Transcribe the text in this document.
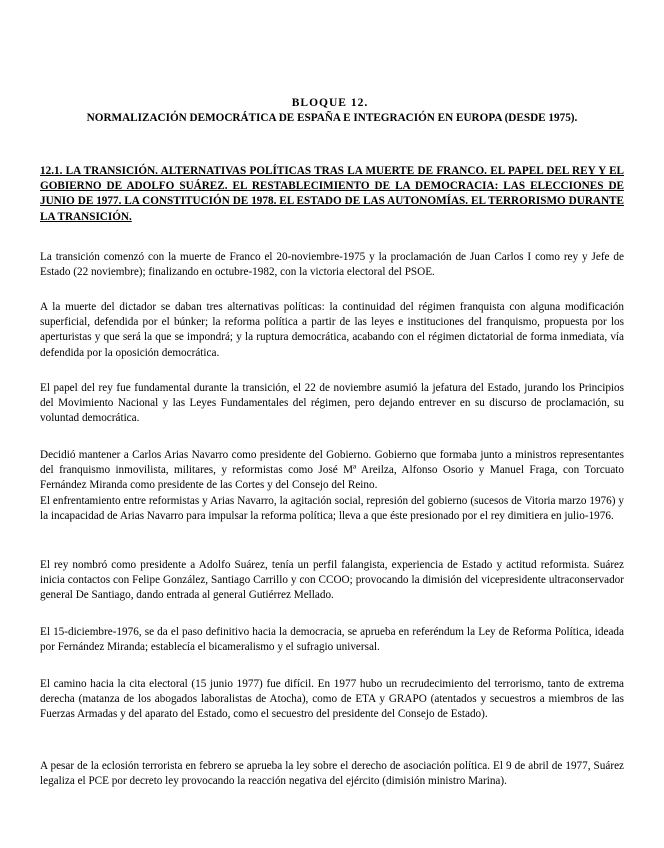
BLOQUE 12.
NORMALIZACIÓN DEMOCRÁTICA DE ESPAÑA E INTEGRACIÓN EN EUROPA (DESDE 1975).
12.1. LA TRANSICIÓN. ALTERNATIVAS POLÍTICAS TRAS LA MUERTE DE FRANCO. EL PAPEL DEL REY Y EL GOBIERNO DE ADOLFO SUÁREZ. EL RESTABLECIMIENTO DE LA DEMOCRACIA: LAS ELECCIONES DE JUNIO DE 1977. LA CONSTITUCIÓN DE 1978. EL ESTADO DE LAS AUTONOMÍAS. EL TERRORISMO DURANTE LA TRANSICIÓN.

La transición comenzó con la muerte de Franco el 20-noviembre-1975 y la proclamación de Juan Carlos I como rey y Jefe de Estado (22 noviembre); finalizando en octubre-1982, con la victoria electoral del PSOE.

A la muerte del dictador se daban tres alternativas políticas: la continuidad del régimen franquista con alguna modificación superficial, defendida por el búnker; la reforma política a partir de las leyes e instituciones del franquismo, propuesta por los aperturistas y que será la que se impondrá; y la ruptura democrática, acabando con el régimen dictatorial de forma inmediata, vía defendida por la oposición democrática.

El papel del rey fue fundamental durante la transición, el 22 de noviembre asumió la jefatura del Estado, jurando los Principios del Movimiento Nacional y las Leyes Fundamentales del régimen, pero dejando entrever en su discurso de proclamación, su voluntad democrática.

Decidió mantener a Carlos Arias Navarro como presidente del Gobierno. Gobierno que formaba junto a ministros representantes del franquismo inmovilista, militares, y reformistas como José Mª Areilza, Alfonso Osorio y Manuel Fraga, con Torcuato Fernández Miranda como presidente de las Cortes y del Consejo del Reino.
El enfrentamiento entre reformistas y Arias Navarro, la agitación social, represión del gobierno (sucesos de Vitoria marzo 1976) y la incapacidad de Arias Navarro para impulsar la reforma política; lleva a que éste presionado por el rey dimitiera en julio-1976.

El rey nombró como presidente a Adolfo Suárez, tenía un perfil falangista, experiencia de Estado y actitud reformista. Suárez inicia contactos con Felipe González, Santiago Carrillo y con CCOO; provocando la dimisión del vicepresidente ultraconservador general De Santiago, dando entrada al general Gutiérrez Mellado.

El 15-diciembre-1976, se da el paso definitivo hacia la democracia, se aprueba en referéndum la Ley de Reforma Política, ideada por Fernández Miranda; establecía el bicameralismo y el sufragio universal.

El camino hacia la cita electoral (15 junio 1977) fue difícil. En 1977 hubo un recrudecimiento del terrorismo, tanto de extrema derecha (matanza de los abogados laboralistas de Atocha), como de ETA y GRAPO (atentados y secuestros a miembros de las Fuerzas Armadas y del aparato del Estado, como el secuestro del presidente del Consejo de Estado).

A pesar de la eclosión terrorista en febrero se aprueba la ley sobre el derecho de asociación política. El 9 de abril de 1977, Suárez legaliza el PCE por decreto ley provocando la reacción negativa del ejército (dimisión ministro Marina).
